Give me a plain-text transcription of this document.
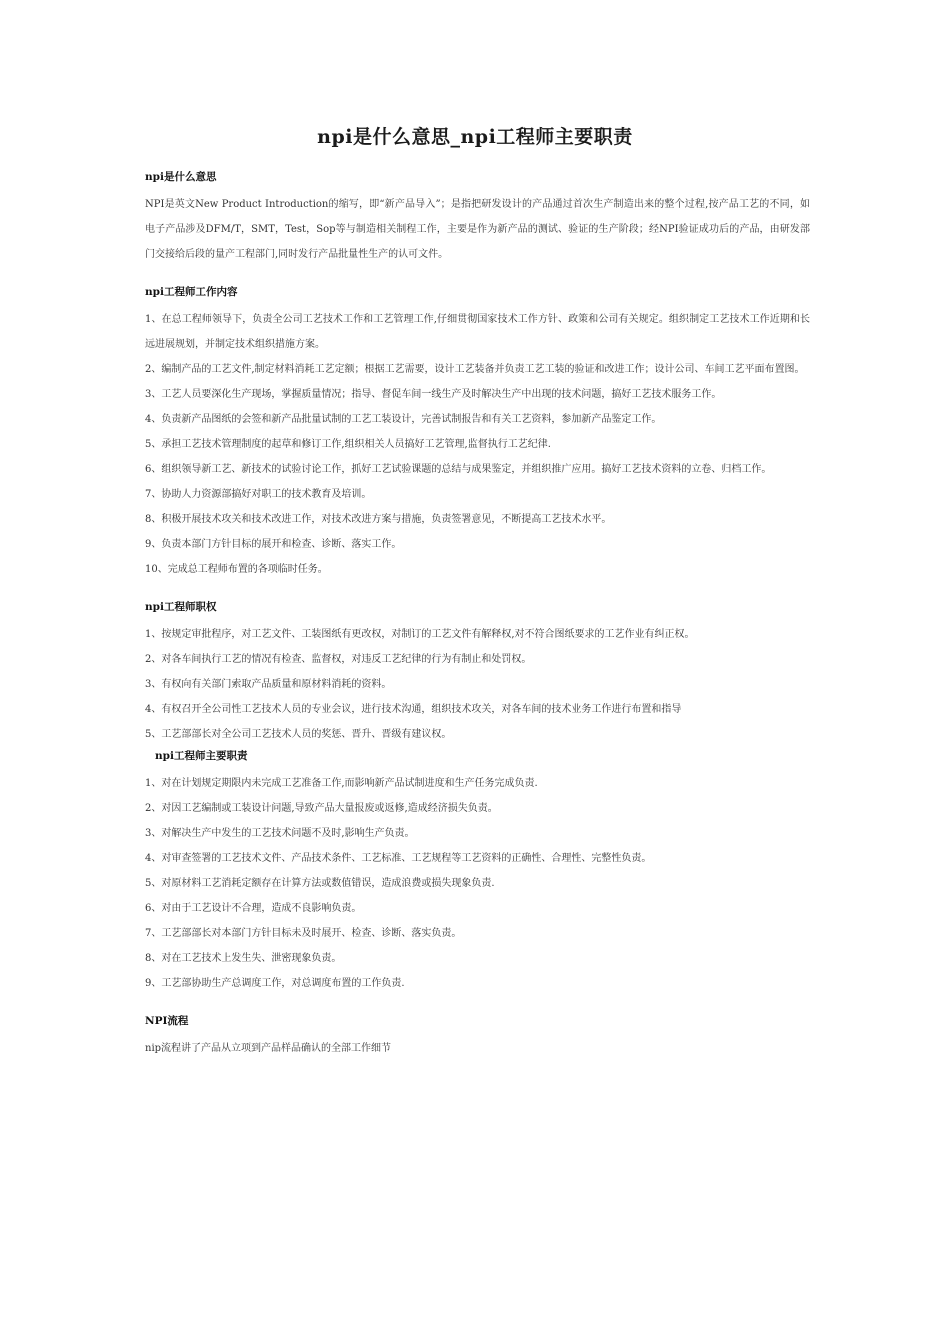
npi是什么意思_npi工程师主要职责
npi是什么意思

NPI是英文New Product Introduction的缩写，即“新产品导入”；是指把研发设计的产品通过首次生产制造出来的整个过程,按产品工艺的不同，如电子产品涉及DFM/T，SMT，Test，Sop等与制造相关制程工作，主要是作为新产品的测试、验证的生产阶段；经NPI验证成功后的产品，由研发部门交接给后段的量产工程部门,同时发行产品批量性生产的认可文件。

npi工程师工作内容
1、在总工程师领导下，负责全公司工艺技术工作和工艺管理工作,仔细贯彻国家技术工作方针、政策和公司有关规定。组织制定工艺技术工作近期和长远进展规划，并制定技术组织措施方案。
2、编制产品的工艺文件,制定材料消耗工艺定额；根据工艺需要，设计工艺装备并负责工艺工装的验证和改进工作；设计公司、车间工艺平面布置图。
3、工艺人员要深化生产现场，掌握质量情况；指导、督促车间一线生产及时解决生产中出现的技术问题，搞好工艺技术服务工作。
4、负责新产品图纸的会签和新产品批量试制的工艺工装设计，完善试制报告和有关工艺资料，参加新产品鉴定工作。
5、承担工艺技术管理制度的起草和修订工作,组织相关人员搞好工艺管理,监督执行工艺纪律.
6、组织领导新工艺、新技术的试验讨论工作，抓好工艺试验课题的总结与成果鉴定，并组织推广应用。搞好工艺技术资料的立卷、归档工作。
7、协助人力资源部搞好对职工的技术教育及培训。
8、积极开展技术攻关和技术改进工作，对技术改进方案与措施，负责签署意见，不断提高工艺技术水平。
9、负责本部门方针目标的展开和检查、诊断、落实工作。
10、完成总工程师布置的各项临时任务。
npi工程师职权
1、按规定审批程序，对工艺文件、工装图纸有更改权，对制订的工艺文件有解释权,对不符合图纸要求的工艺作业有纠正权。
2、对各车间执行工艺的情况有检查、监督权，对违反工艺纪律的行为有制止和处罚权。
3、有权向有关部门索取产品质量和原材料消耗的资料。
4、有权召开全公司性工艺技术人员的专业会议，进行技术沟通，组织技术攻关，对各车间的技术业务工作进行布置和指导
5、工艺部部长对全公司工艺技术人员的奖惩、晋升、晋级有建议权。
npi工程师主要职责
1、对在计划规定期限内未完成工艺准备工作,而影响新产品试制进度和生产任务完成负责.
2、对因工艺编制或工装设计问题,导致产品大量报废或返修,造成经济损失负责。
3、对解决生产中发生的工艺技术问题不及时,影响生产负责。
4、对审查签署的工艺技术文件、产品技术条件、工艺标准、工艺规程等工艺资料的正确性、合理性、完整性负责。
5、对原材料工艺消耗定额存在计算方法或数值错误，造成浪费或损失现象负责.
6、对由于工艺设计不合理，造成不良影响负责。
7、工艺部部长对本部门方针目标未及时展开、检查、诊断、落实负责。
8、对在工艺技术上发生失、泄密现象负责。
9、工艺部协助生产总调度工作，对总调度布置的工作负责.
NPI流程

nip流程讲了产品从立项到产品样品确认的全部工作细节
